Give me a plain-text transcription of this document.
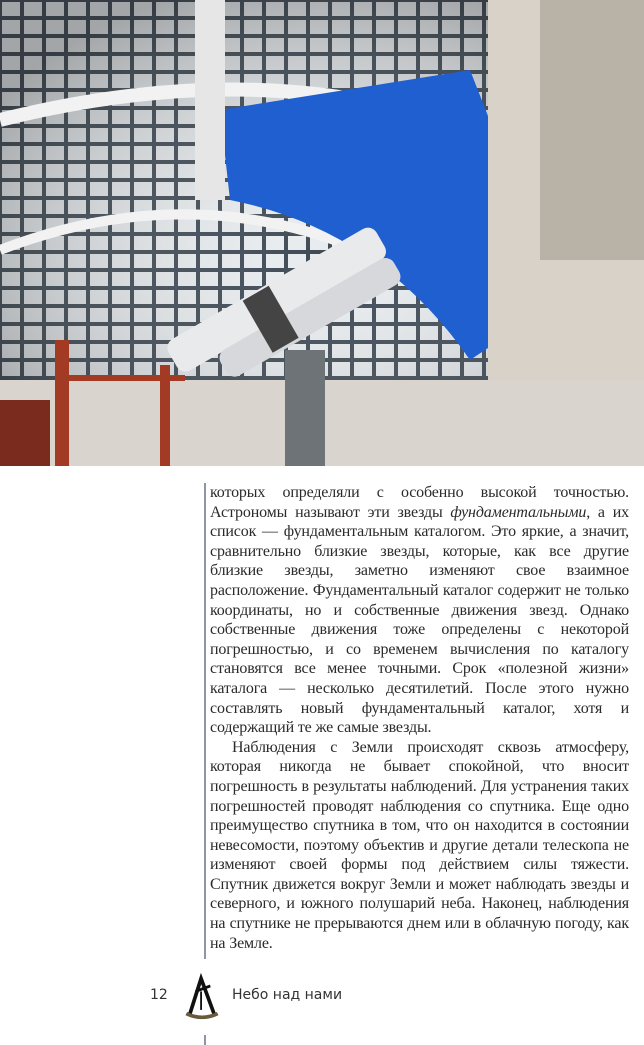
которых определяли с особенно высокой точностью. Астрономы называют эти звезды фундаментальными, а их список — фундаментальным каталогом. Это яркие, а значит, сравнительно близкие звезды, которые, как все другие близкие звезды, заметно изменяют свое взаимное расположение. Фундаментальный каталог содержит не только координаты, но и собственные движения звезд. Однако собственные движения тоже определены с некоторой погрешностью, и со временем вычисления по каталогу становятся все менее точными. Срок «полезной жизни» каталога — несколько десятилетий. После этого нужно составлять новый фундаментальный каталог, хотя и содержащий те же самые звезды.

Наблюдения с Земли происходят сквозь атмосферу, которая никогда не бывает спокойной, что вносит погрешность в результаты наблюдений. Для устранения таких погрешностей проводят наблюдения со спутника. Еще одно преимущество спутника в том, что он находится в состоянии невесомости, поэтому объектив и другие детали телескопа не изменяют своей формы под действием силы тяжести. Спутник движется вокруг Земли и может наблюдать звезды и северного, и южного полушарий неба. Наконец, наблюдения на спутнике не прерываются днем или в облачную погоду, как на Земле.

12	Небо над нами
